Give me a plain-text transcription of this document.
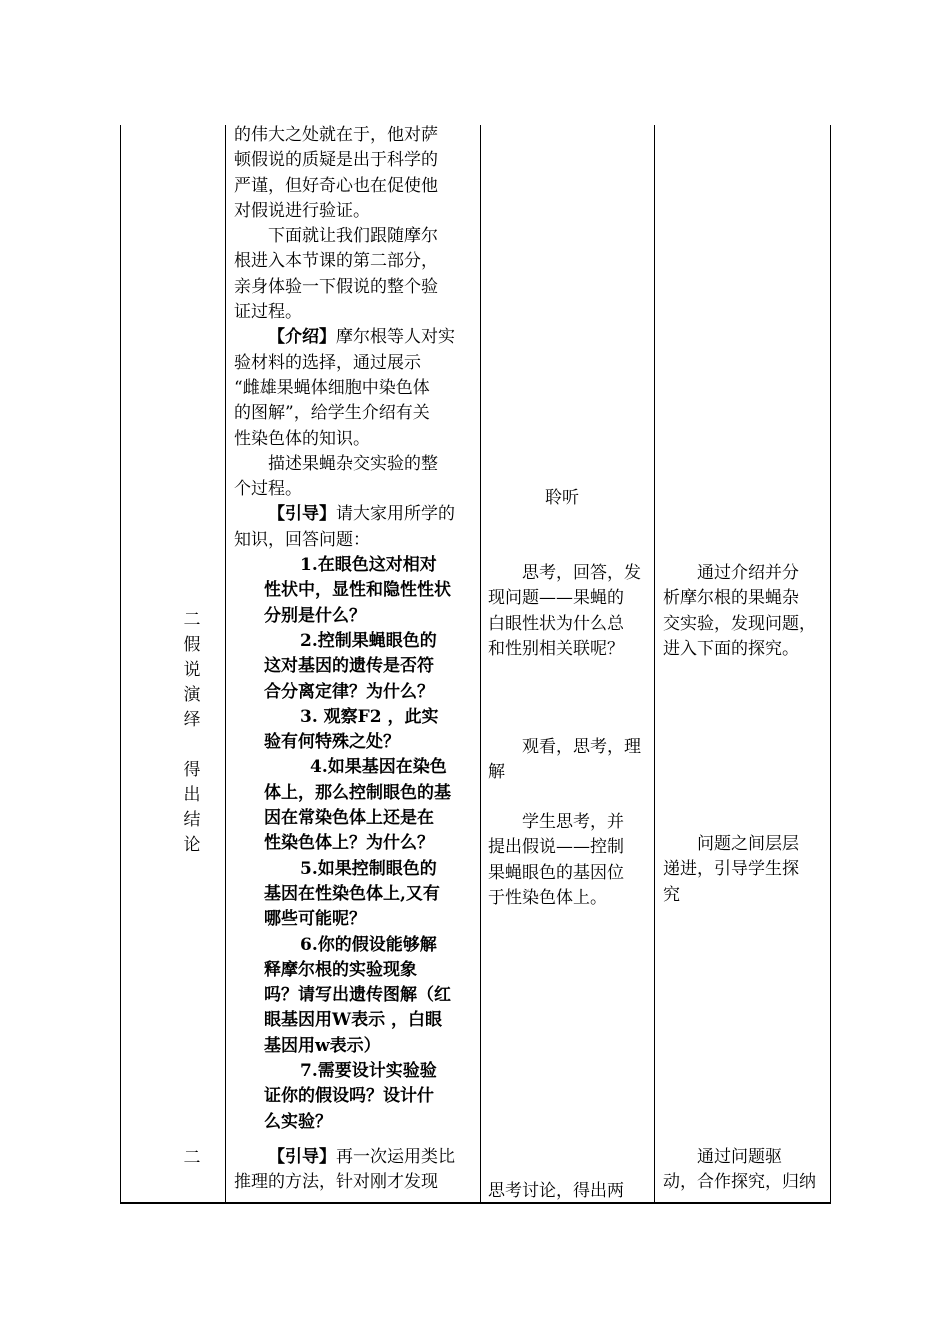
二
假
说
演
绎
得
出
结
论
二

的伟大之处就在于，他对萨

顿假说的质疑是出于科学的

严谨，但好奇心也在促使他

对假说进行验证。

下面就让我们跟随摩尔

根进入本节课的第二部分，

亲身体验一下假说的整个验

证过程。

【介绍】摩尔根等人对实

验材料的选择，通过展示

“雌雄果蝇体细胞中染色体

的图解”，给学生介绍有关

性染色体的知识。

描述果蝇杂交实验的整

个过程。

【引导】请大家用所学的

知识，回答问题：

1.在眼色这对相对

性状中，显性和隐性性状

分别是什么？

2.控制果蝇眼色的

这对基因的遗传是否符

合分离定律？为什么？

3. 观察F2 ，此实

验有何特殊之处？

4.如果基因在染色

体上，那么控制眼色的基

因在常染色体上还是在

性染色体上？为什么？

5.如果控制眼色的

基因在性染色体上,又有

哪些可能呢？

6.你的假设能够解

释摩尔根的实验现象

吗？请写出遗传图解（红

眼基因用W表示 ，白眼

基因用w表示）

7.需要设计实验验

证你的假设吗？设计什

么实验？

【引导】再一次运用类比

推理的方法，针对刚才发现

聆听

思考，回答，发

现问题——果蝇的

白眼性状为什么总

和性别相关联呢？

观看，思考，理

解

学生思考，并

提出假说——控制

果蝇眼色的基因位

于性染色体上。

思考讨论，得出两

通过介绍并分

析摩尔根的果蝇杂

交实验，发现问题，

进入下面的探究。

问题之间层层

递进，引导学生探

究

通过问题驱

动，合作探究，归纳
